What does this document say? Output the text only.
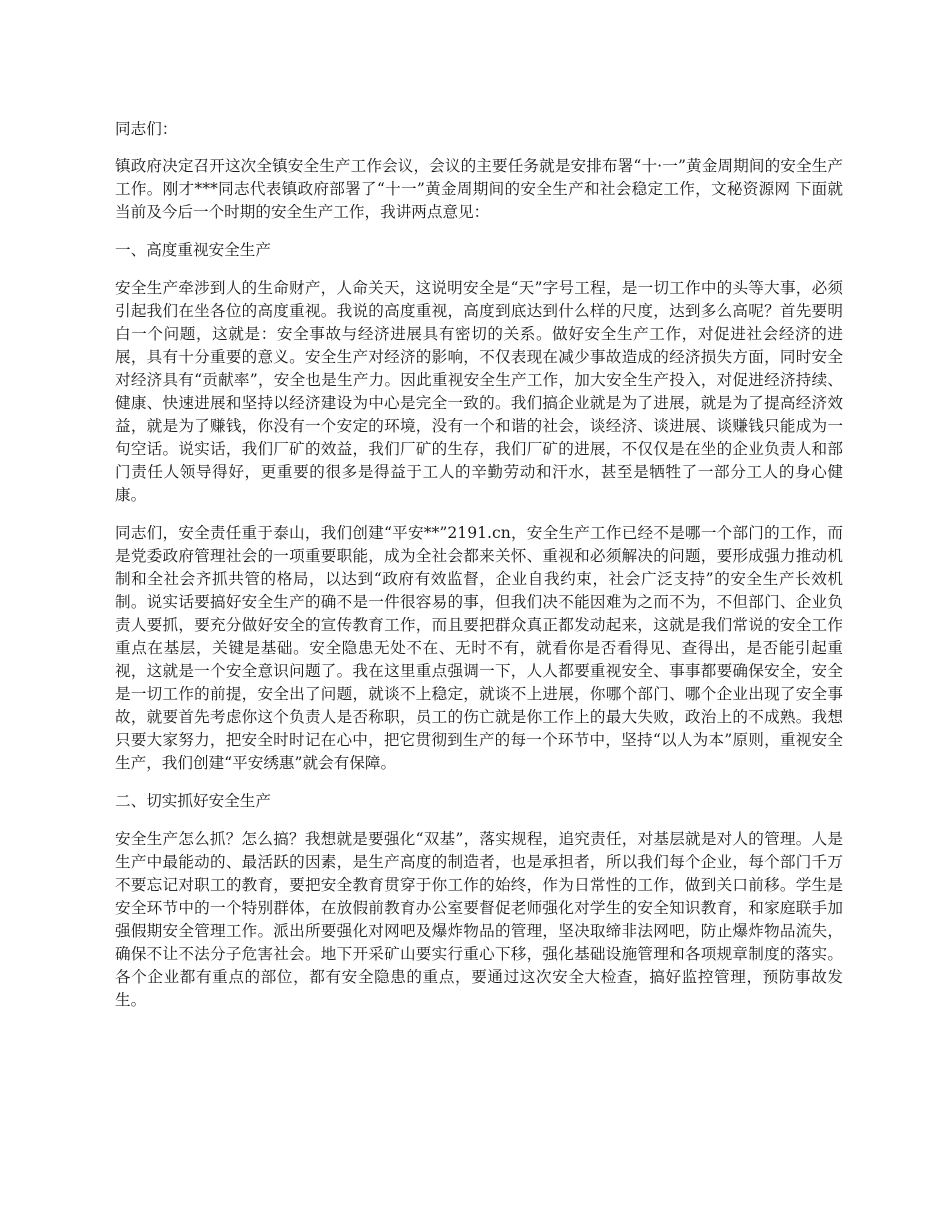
同志们：

镇政府决定召开这次全镇安全生产工作会议，会议的主要任务就是安排布署“十·一”黄金周期间的安全生产工作。刚才***同志代表镇政府部署了“十一”黄金周期间的安全生产和社会稳定工作，文秘资源网 下面就当前及今后一个时期的安全生产工作，我讲两点意见：

一、高度重视安全生产

安全生产牵涉到人的生命财产，人命关天，这说明安全是“天”字号工程，是一切工作中的头等大事，必须引起我们在坐各位的高度重视。我说的高度重视，高度到底达到什么样的尺度，达到多么高呢？首先要明白一个问题，这就是：安全事故与经济进展具有密切的关系。做好安全生产工作，对促进社会经济的进展，具有十分重要的意义。安全生产对经济的影响，不仅表现在减少事故造成的经济损失方面，同时安全对经济具有“贡献率”，安全也是生产力。因此重视安全生产工作，加大安全生产投入，对促进经济持续、健康、快速进展和坚持以经济建设为中心是完全一致的。我们搞企业就是为了进展，就是为了提高经济效益，就是为了赚钱，你没有一个安定的环境，没有一个和谐的社会，谈经济、谈进展、谈赚钱只能成为一句空话。说实话，我们厂矿的效益，我们厂矿的生存，我们厂矿的进展，不仅仅是在坐的企业负责人和部门责任人领导得好，更重要的很多是得益于工人的辛勤劳动和汗水，甚至是牺牲了一部分工人的身心健康。

同志们，安全责任重于泰山，我们创建“平安**”2191.cn，安全生产工作已经不是哪一个部门的工作，而是党委政府管理社会的一项重要职能，成为全社会都来关怀、重视和必须解决的问题，要形成强力推动机制和全社会齐抓共管的格局，以达到“政府有效监督，企业自我约束，社会广泛支持”的安全生产长效机制。说实话要搞好安全生产的确不是一件很容易的事，但我们决不能因难为之而不为，不但部门、企业负责人要抓，要充分做好安全的宣传教育工作，而且要把群众真正都发动起来，这就是我们常说的安全工作重点在基层，关键是基础。安全隐患无处不在、无时不有，就看你是否看得见、查得出，是否能引起重视，这就是一个安全意识问题了。我在这里重点强调一下，人人都要重视安全、事事都要确保安全，安全是一切工作的前提，安全出了问题，就谈不上稳定，就谈不上进展，你哪个部门、哪个企业出现了安全事故，就要首先考虑你这个负责人是否称职，员工的伤亡就是你工作上的最大失败，政治上的不成熟。我想只要大家努力，把安全时时记在心中，把它贯彻到生产的每一个环节中，坚持“以人为本”原则，重视安全生产，我们创建“平安绣惠”就会有保障。

二、切实抓好安全生产

安全生产怎么抓？怎么搞？我想就是要强化“双基”，落实规程，追究责任，对基层就是对人的管理。人是生产中最能动的、最活跃的因素，是生产高度的制造者，也是承担者，所以我们每个企业，每个部门千万不要忘记对职工的教育，要把安全教育贯穿于你工作的始终，作为日常性的工作，做到关口前移。学生是安全环节中的一个特别群体，在放假前教育办公室要督促老师强化对学生的安全知识教育，和家庭联手加强假期安全管理工作。派出所要强化对网吧及爆炸物品的管理，坚决取缔非法网吧，防止爆炸物品流失，确保不让不法分子危害社会。地下开采矿山要实行重心下移，强化基础设施管理和各项规章制度的落实。各个企业都有重点的部位，都有安全隐患的重点，要通过这次安全大检查，搞好监控管理，预防事故发生。
